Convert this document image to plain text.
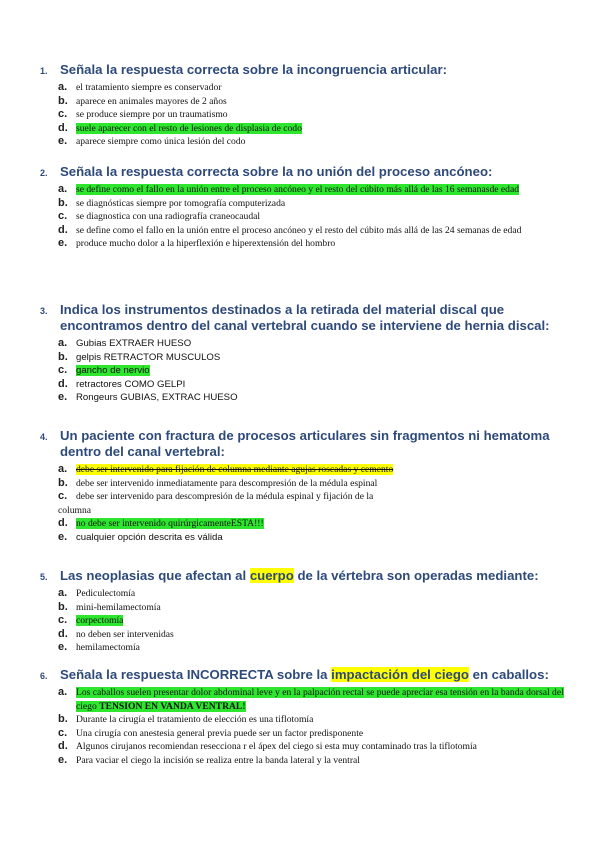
1. Señala la respuesta correcta sobre la incongruencia articular:
a. el tratamiento siempre es conservador
b. aparece en animales mayores de 2 años
c. se produce siempre por un traumatismo
d. suele aparecer con el resto de lesiones de displasia de codo
e. aparece siempre como única lesión del codo
2. Señala la respuesta correcta sobre la no unión del proceso ancóneo:
a. se define como el fallo en la unión entre el proceso ancóneo y el resto del cúbito más allá de las 16 semanasde edad
b. se diagnósticas siempre por tomografía computerizada
c. se diagnostica con una radiografía craneocaudal
d. se define como el fallo en la unión entre el proceso ancóneo y el resto del cúbito más allá de las 24 semanas de edad
e. produce mucho dolor a la hiperflexión e hiperextensión del hombro
3. Indica los instrumentos destinados a la retirada del material discal que encontramos dentro del canal vertebral cuando se interviene de hernia discal:
a. Gubias EXTRAER HUESO
b. gelpis RETRACTOR MUSCULOS
c. gancho de nervio
d. retractores COMO GELPI
e. Rongeurs GUBIAS, EXTRAC HUESO
4. Un paciente con fractura de procesos articulares sin fragmentos ni hematoma dentro del canal vertebral:
a. debe ser intervenido para fijación de columna mediante agujas roscadas y cemento
b. debe ser intervenido inmediatamente para descompresión de la médula espinal
c. debe ser intervenido para descompresión de la médula espinal y fijación de la
columna
d. no debe ser intervenido quirúrgicamenteESTA!!!
e. cualquier opción descrita es válida
5. Las neoplasias que afectan al cuerpo de la vértebra son operadas mediante:
a. Pediculectomía
b. mini-hemilamectomía
c. corpectomía
d. no deben ser intervenidas
e. hemilamectomía
6. Señala la respuesta INCORRECTA sobre la impactación del ciego en caballos:
a. Los caballos suelen presentar dolor abdominal leve y en la palpación rectal se puede apreciar esa tensión en la banda dorsal del ciego TENSION EN VANDA VENTRAL!
b. Durante la cirugía el tratamiento de elección es una tiflotomía
c. Una cirugía con anestesia general previa puede ser un factor predisponente
d. Algunos cirujanos recomiendan resecciona r el ápex del ciego si esta muy contaminado tras la tiflotomía
e. Para vaciar el ciego la incisión se realiza entre la banda lateral y la ventral
